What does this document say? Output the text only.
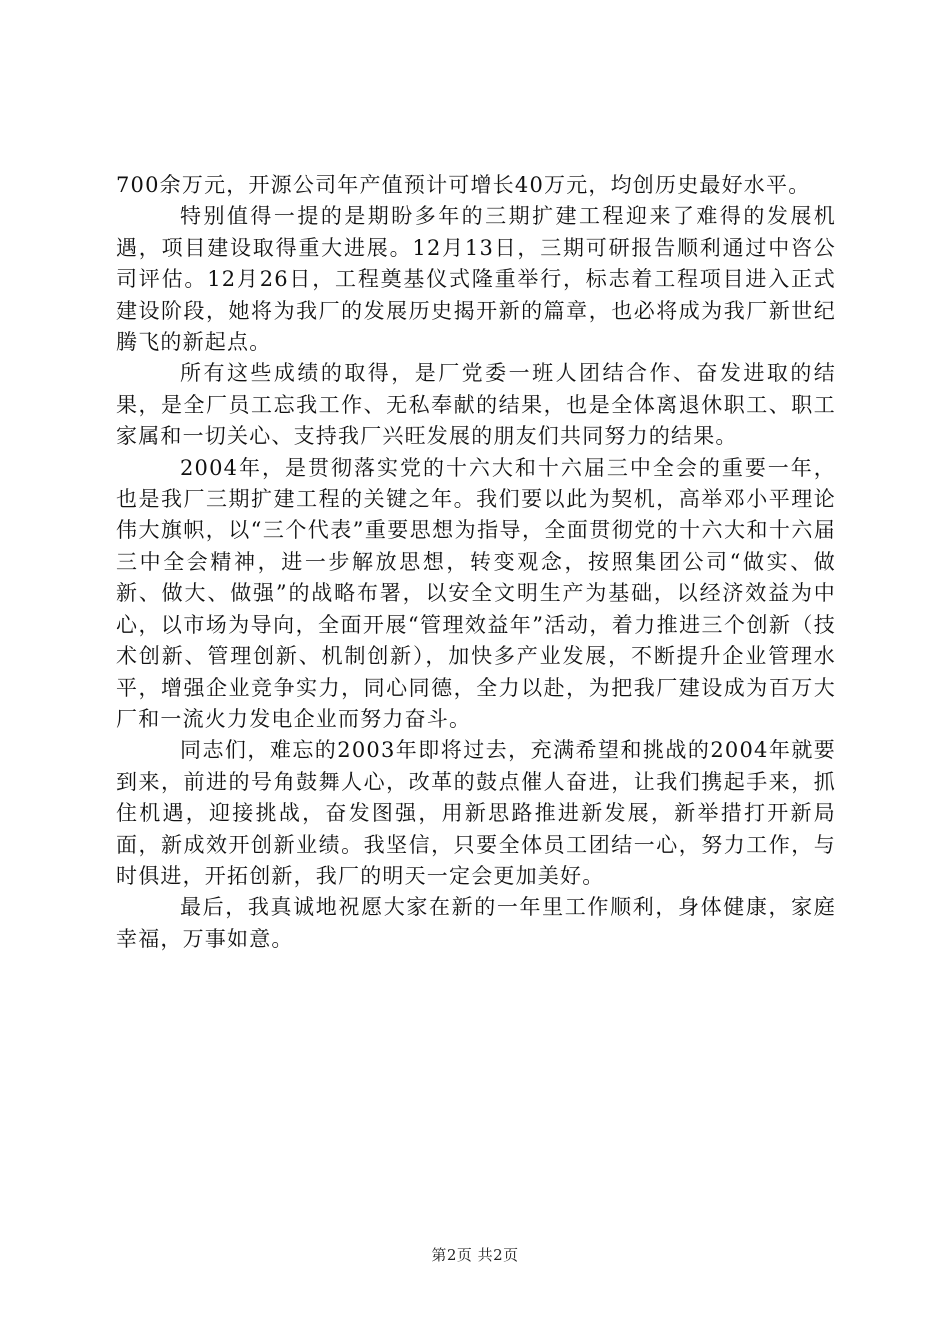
700余万元，开源公司年产值预计可增长40万元，均创历史最好水平。

特别值得一提的是期盼多年的三期扩建工程迎来了难得的发展机遇，项目建设取得重大进展。12月13日，三期可研报告顺利通过中咨公司评估。12月26日，工程奠基仪式隆重举行，标志着工程项目进入正式建设阶段，她将为我厂的发展历史揭开新的篇章，也必将成为我厂新世纪腾飞的新起点。

所有这些成绩的取得，是厂党委一班人团结合作、奋发进取的结果，是全厂员工忘我工作、无私奉献的结果，也是全体离退休职工、职工家属和一切关心、支持我厂兴旺发展的朋友们共同努力的结果。

2004年，是贯彻落实党的十六大和十六届三中全会的重要一年，也是我厂三期扩建工程的关键之年。我们要以此为契机，高举邓小平理论伟大旗帜，以“三个代表”重要思想为指导，全面贯彻党的十六大和十六届三中全会精神，进一步解放思想，转变观念，按照集团公司“做实、做新、做大、做强”的战略布署，以安全文明生产为基础，以经济效益为中心，以市场为导向，全面开展“管理效益年”活动，着力推进三个创新（技术创新、管理创新、机制创新），加快多产业发展，不断提升企业管理水平，增强企业竞争实力，同心同德，全力以赴，为把我厂建设成为百万大厂和一流火力发电企业而努力奋斗。

同志们，难忘的2003年即将过去，充满希望和挑战的2004年就要到来，前进的号角鼓舞人心，改革的鼓点催人奋进，让我们携起手来，抓住机遇，迎接挑战，奋发图强，用新思路推进新发展，新举措打开新局面，新成效开创新业绩。我坚信，只要全体员工团结一心，努力工作，与时俱进，开拓创新，我厂的明天一定会更加美好。

最后，我真诚地祝愿大家在新的一年里工作顺利，身体健康，家庭幸福，万事如意。

第2页 共2页
